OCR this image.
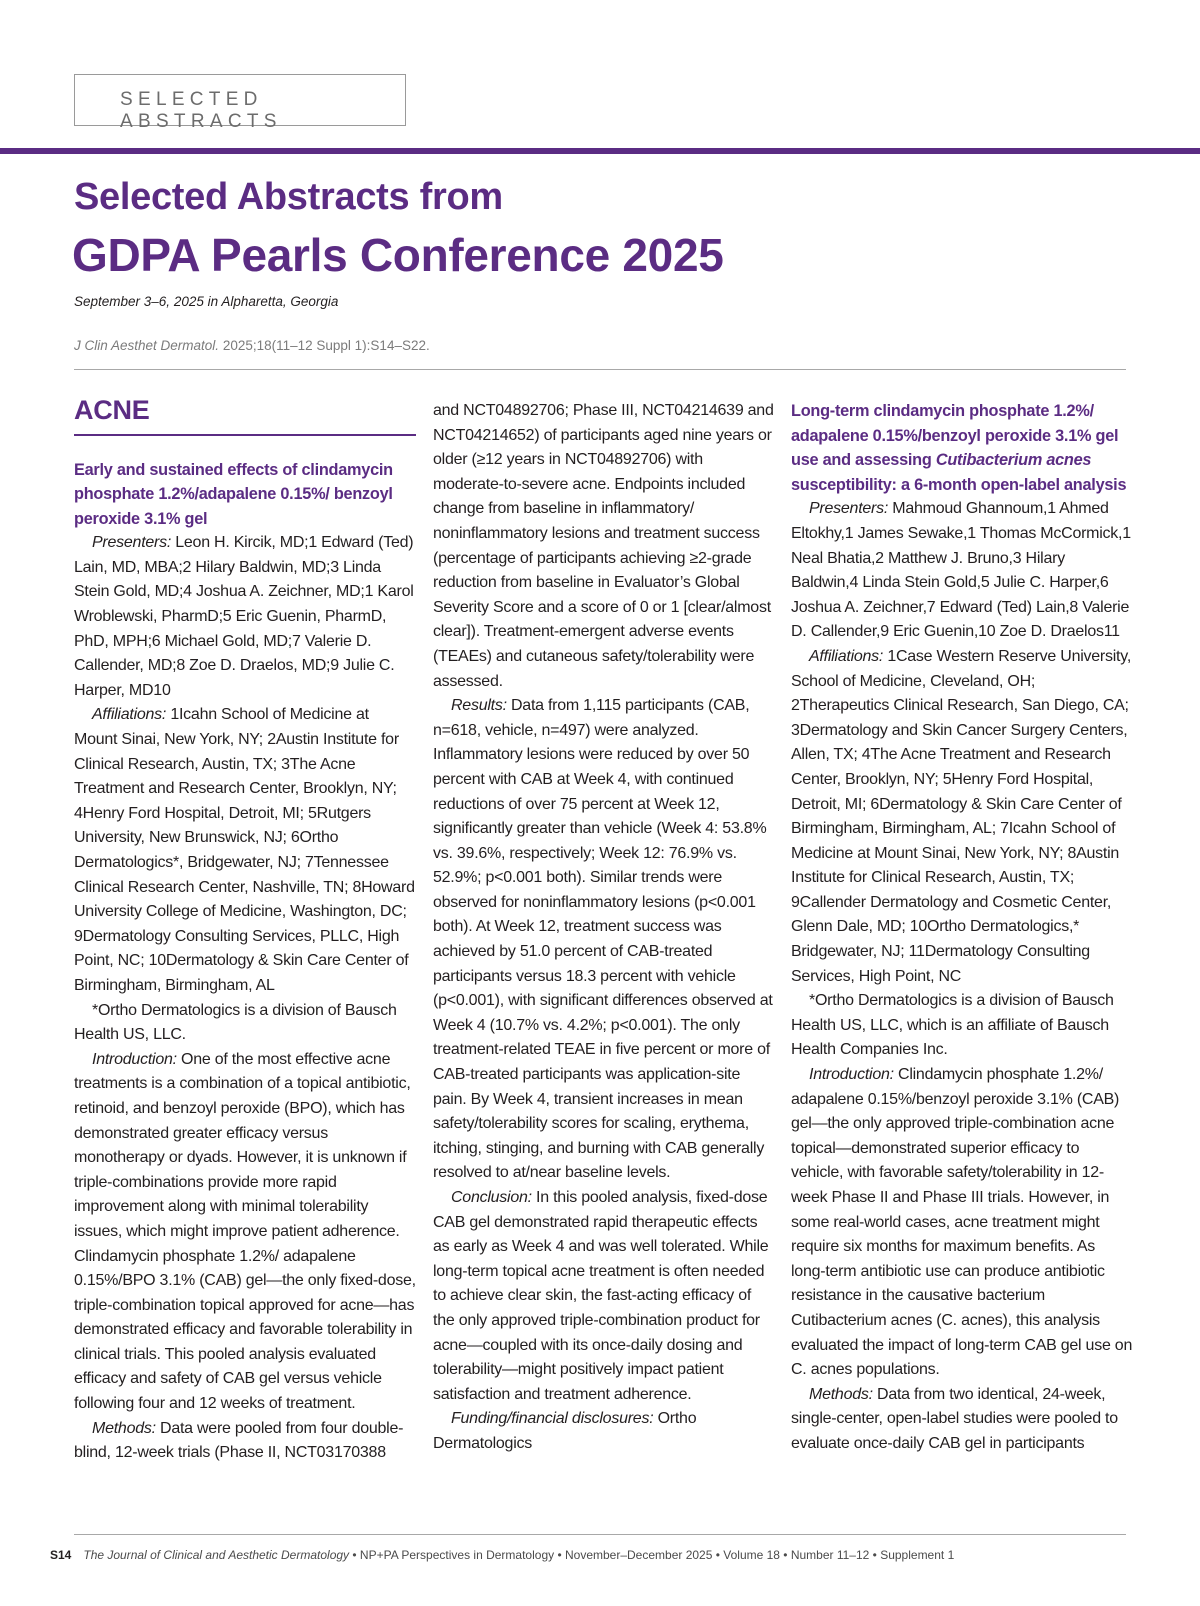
SELECTED ABSTRACTS
Selected Abstracts from
GDPA Pearls Conference 2025
September 3–6, 2025 in Alpharetta, Georgia
J Clin Aesthet Dermatol. 2025;18(11–12 Suppl 1):S14–S22.
ACNE

Early and sustained effects of clindamycin phosphate 1.2%/adapalene 0.15%/ benzoyl peroxide 3.1% gel

Presenters: Leon H. Kircik, MD;1 Edward (Ted) Lain, MD, MBA;2 Hilary Baldwin, MD;3 Linda Stein Gold, MD;4 Joshua A. Zeichner, MD;1 Karol Wroblewski, PharmD;5 Eric Guenin, PharmD, PhD, MPH;6 Michael Gold, MD;7 Valerie D. Callender, MD;8 Zoe D. Draelos, MD;9 Julie C. Harper, MD10

Affiliations: 1Icahn School of Medicine at Mount Sinai, New York, NY; 2Austin Institute for Clinical Research, Austin, TX; 3The Acne Treatment and Research Center, Brooklyn, NY; 4Henry Ford Hospital, Detroit, MI; 5Rutgers University, New Brunswick, NJ; 6Ortho Dermatologics*, Bridgewater, NJ; 7Tennessee Clinical Research Center, Nashville, TN; 8Howard University College of Medicine, Washington, DC; 9Dermatology Consulting Services, PLLC, High Point, NC; 10Dermatology & Skin Care Center of Birmingham, Birmingham, AL

*Ortho Dermatologics is a division of Bausch Health US, LLC.

Introduction: One of the most effective acne treatments is a combination of a topical antibiotic, retinoid, and benzoyl peroxide (BPO), which has demonstrated greater efficacy versus monotherapy or dyads. However, it is unknown if triple-combinations provide more rapid improvement along with minimal tolerability issues, which might improve patient adherence. Clindamycin phosphate 1.2%/ adapalene 0.15%/BPO 3.1% (CAB) gel—the only fixed-dose, triple-combination topical approved for acne—has demonstrated efficacy and favorable tolerability in clinical trials. This pooled analysis evaluated efficacy and safety of CAB gel versus vehicle following four and 12 weeks of treatment.

Methods: Data were pooled from four double-blind, 12-week trials (Phase II, NCT03170388

and NCT04892706; Phase III, NCT04214639 and NCT04214652) of participants aged nine years or older (≥12 years in NCT04892706) with moderate-to-severe acne. Endpoints included change from baseline in inflammatory/ noninflammatory lesions and treatment success (percentage of participants achieving ≥2-grade reduction from baseline in Evaluator’s Global Severity Score and a score of 0 or 1 [clear/almost clear]). Treatment-emergent adverse events (TEAEs) and cutaneous safety/tolerability were assessed.

Results: Data from 1,115 participants (CAB, n=618, vehicle, n=497) were analyzed. Inflammatory lesions were reduced by over 50 percent with CAB at Week 4, with continued reductions of over 75 percent at Week 12, significantly greater than vehicle (Week 4: 53.8% vs. 39.6%, respectively; Week 12: 76.9% vs. 52.9%; p<0.001 both). Similar trends were observed for noninflammatory lesions (p<0.001 both). At Week 12, treatment success was achieved by 51.0 percent of CAB-treated participants versus 18.3 percent with vehicle (p<0.001), with significant differences observed at Week 4 (10.7% vs. 4.2%; p<0.001). The only treatment-related TEAE in five percent or more of CAB-treated participants was application-site pain. By Week 4, transient increases in mean safety/tolerability scores for scaling, erythema, itching, stinging, and burning with CAB generally resolved to at/near baseline levels.

Conclusion: In this pooled analysis, fixed-dose CAB gel demonstrated rapid therapeutic effects as early as Week 4 and was well tolerated. While long-term topical acne treatment is often needed to achieve clear skin, the fast-acting efficacy of the only approved triple-combination product for acne—coupled with its once-daily dosing and tolerability—might positively impact patient satisfaction and treatment adherence.

Funding/financial disclosures: Ortho Dermatologics

Long-term clindamycin phosphate 1.2%/ adapalene 0.15%/benzoyl peroxide 3.1% gel use and assessing Cutibacterium acnes susceptibility: a 6-month open-label analysis

Presenters: Mahmoud Ghannoum,1 Ahmed Eltokhy,1 James Sewake,1 Thomas McCormick,1 Neal Bhatia,2 Matthew J. Bruno,3 Hilary Baldwin,4 Linda Stein Gold,5 Julie C. Harper,6 Joshua A. Zeichner,7 Edward (Ted) Lain,8 Valerie D. Callender,9 Eric Guenin,10 Zoe D. Draelos11

Affiliations: 1Case Western Reserve University, School of Medicine, Cleveland, OH; 2Therapeutics Clinical Research, San Diego, CA; 3Dermatology and Skin Cancer Surgery Centers, Allen, TX; 4The Acne Treatment and Research Center, Brooklyn, NY; 5Henry Ford Hospital, Detroit, MI; 6Dermatology & Skin Care Center of Birmingham, Birmingham, AL; 7Icahn School of Medicine at Mount Sinai, New York, NY; 8Austin Institute for Clinical Research, Austin, TX; 9Callender Dermatology and Cosmetic Center, Glenn Dale, MD; 10Ortho Dermatologics,* Bridgewater, NJ; 11Dermatology Consulting Services, High Point, NC

*Ortho Dermatologics is a division of Bausch Health US, LLC, which is an affiliate of Bausch Health Companies Inc.

Introduction: Clindamycin phosphate 1.2%/ adapalene 0.15%/benzoyl peroxide 3.1% (CAB) gel—the only approved triple-combination acne topical—demonstrated superior efficacy to vehicle, with favorable safety/tolerability in 12-week Phase II and Phase III trials. However, in some real-world cases, acne treatment might require six months for maximum benefits. As long-term antibiotic use can produce antibiotic resistance in the causative bacterium Cutibacterium acnes (C. acnes), this analysis evaluated the impact of long-term CAB gel use on C. acnes populations.

Methods: Data from two identical, 24-week, single-center, open-label studies were pooled to evaluate once-daily CAB gel in participants

S14 The Journal of Clinical and Aesthetic Dermatology • NP+PA Perspectives in Dermatology • November–December 2025 • Volume 18 • Number 11–12 • Supplement 1
